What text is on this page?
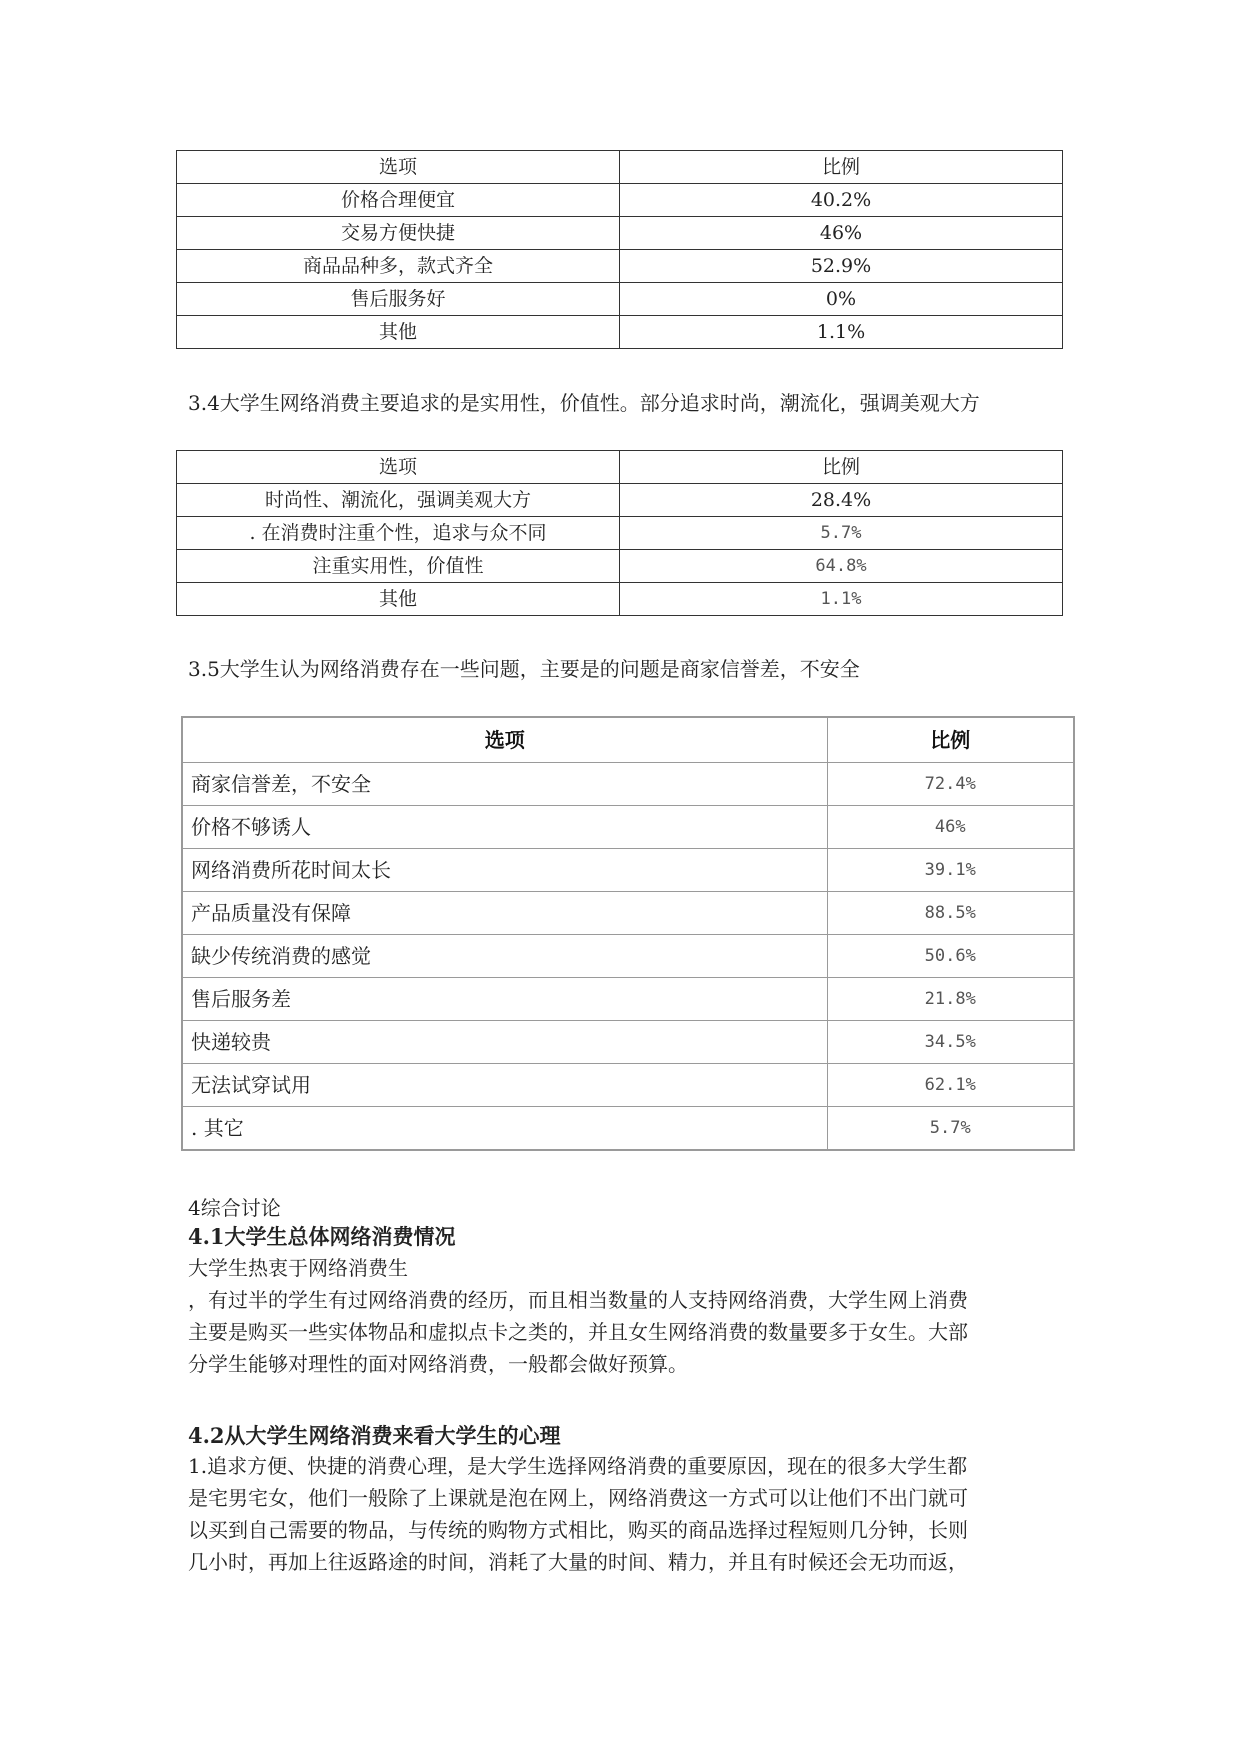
选项	比例
价格合理便宜	40.2%
交易方便快捷	46%
商品品种多，款式齐全	52.9%
售后服务好	0%
其他	1.1%

3.4大学生网络消费主要追求的是实用性，价值性。部分追求时尚，潮流化，强调美观大方

选项	比例
时尚性、潮流化，强调美观大方	28.4%
. 在消费时注重个性，追求与众不同	5.7%
注重实用性，价值性	64.8%
其他	1.1%

3.5大学生认为网络消费存在一些问题，主要是的问题是商家信誉差，不安全

选项	比例
商家信誉差，不安全	72.4%
价格不够诱人	46%
网络消费所花时间太长	39.1%
产品质量没有保障	88.5%
缺少传统消费的感觉	50.6%
售后服务差	21.8%
快递较贵	34.5%
无法试穿试用	62.1%
. 其它	5.7%

4综合讨论

4.1大学生总体网络消费情况

大学生热衷于网络消费生
，有过半的学生有过网络消费的经历，而且相当数量的人支持网络消费，大学生网上消费
主要是购买一些实体物品和虚拟点卡之类的，并且女生网络消费的数量要多于女生。大部
分学生能够对理性的面对网络消费，一般都会做好预算。

4.2从大学生网络消费来看大学生的心理

1.追求方便、快捷的消费心理，是大学生选择网络消费的重要原因，现在的很多大学生都
是宅男宅女，他们一般除了上课就是泡在网上，网络消费这一方式可以让他们不出门就可
以买到自己需要的物品，与传统的购物方式相比，购买的商品选择过程短则几分钟，长则
几小时，再加上往返路途的时间，消耗了大量的时间、精力，并且有时候还会无功而返，
